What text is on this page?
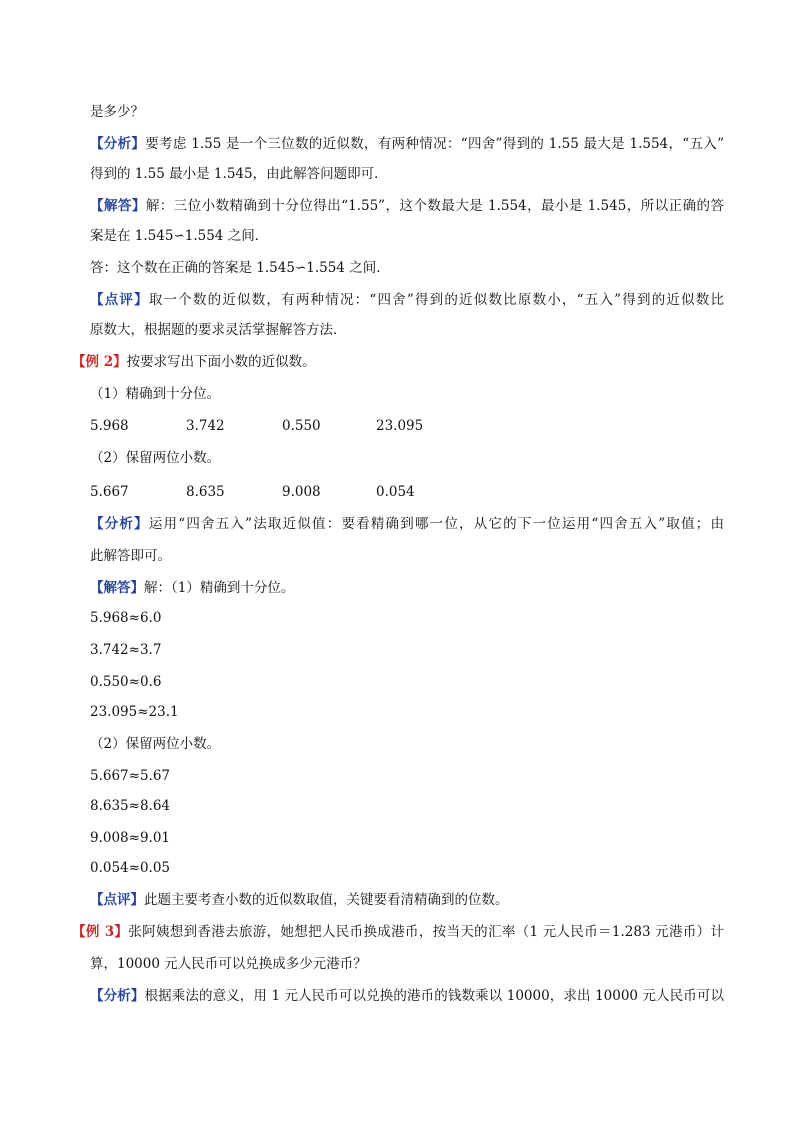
是多少？
【分析】要考虑 1.55 是一个三位数的近似数，有两种情况：“四舍”得到的 1.55 最大是 1.554，“五入”
得到的 1.55 最小是 1.545，由此解答问题即可．
【解答】解：三位小数精确到十分位得出“1.55”，这个数最大是 1.554，最小是 1.545，所以正确的答
案是在 1.545∽1.554 之间．
答：这个数在正确的答案是 1.545∽1.554 之间．
【点评】取一个数的近似数，有两种情况：“四舍”得到的近似数比原数小，“五入”得到的近似数比
原数大，根据题的要求灵活掌握解答方法．
【例 2】按要求写出下面小数的近似数。
（1）精确到十分位。
5.968	3.742	0.550	23.095
（2）保留两位小数。
5.667	8.635	9.008	0.054
【分析】运用“四舍五入”法取近似值：要看精确到哪一位，从它的下一位运用“四舍五入”取值；由
此解答即可。
【解答】解：（1）精确到十分位。
5.968≈6.0
3.742≈3.7
0.550≈0.6
23.095≈23.1
（2）保留两位小数。
5.667≈5.67
8.635≈8.64
9.008≈9.01
0.054≈0.05
【点评】此题主要考查小数的近似数取值，关键要看清精确到的位数。
【例 3】张阿姨想到香港去旅游，她想把人民币换成港币，按当天的汇率（1 元人民币＝1.283 元港币）计
算，10000 元人民币可以兑换成多少元港币？
【分析】根据乘法的意义，用 1 元人民币可以兑换的港币的钱数乘以 10000，求出 10000 元人民币可以
